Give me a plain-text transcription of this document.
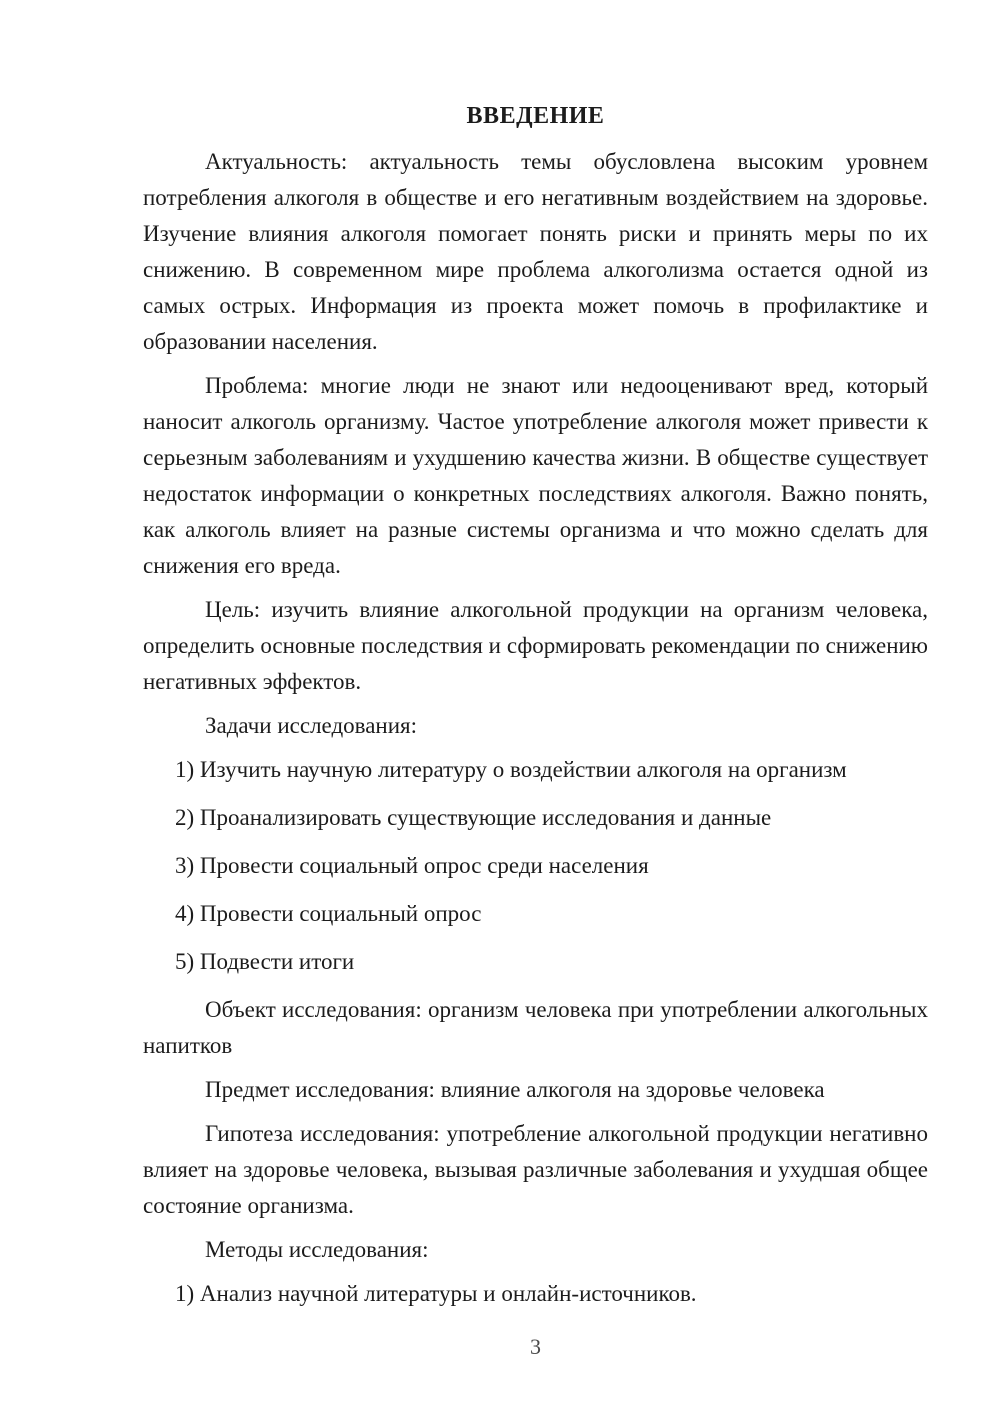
ВВЕДЕНИЕ

Актуальность: актуальность темы обусловлена высоким уровнем потребления алкоголя в обществе и его негативным воздействием на здоровье. Изучение влияния алкоголя помогает понять риски и принять меры по их снижению. В современном мире проблема алкоголизма остается одной из самых острых. Информация из проекта может помочь в профилактике и образовании населения.

Проблема: многие люди не знают или недооценивают вред, который наносит алкоголь организму. Частое употребление алкоголя может привести к серьезным заболеваниям и ухудшению качества жизни. В обществе существует недостаток информации о конкретных последствиях алкоголя. Важно понять, как алкоголь влияет на разные системы организма и что можно сделать для снижения его вреда.

Цель: изучить влияние алкогольной продукции на организм человека, определить основные последствия и сформировать рекомендации по снижению негативных эффектов.

Задачи исследования:

1) Изучить научную литературу о воздействии алкоголя на организм

2) Проанализировать существующие исследования и данные

3) Провести социальный опрос среди населения

4) Провести социальный опрос

5) Подвести итоги

Объект исследования: организм человека при употреблении алкогольных напитков

Предмет исследования: влияние алкоголя на здоровье человека

Гипотеза исследования: употребление алкогольной продукции негативно влияет на здоровье человека, вызывая различные заболевания и ухудшая общее состояние организма.

Методы исследования:

1) Анализ научной литературы и онлайн-источников.

3
